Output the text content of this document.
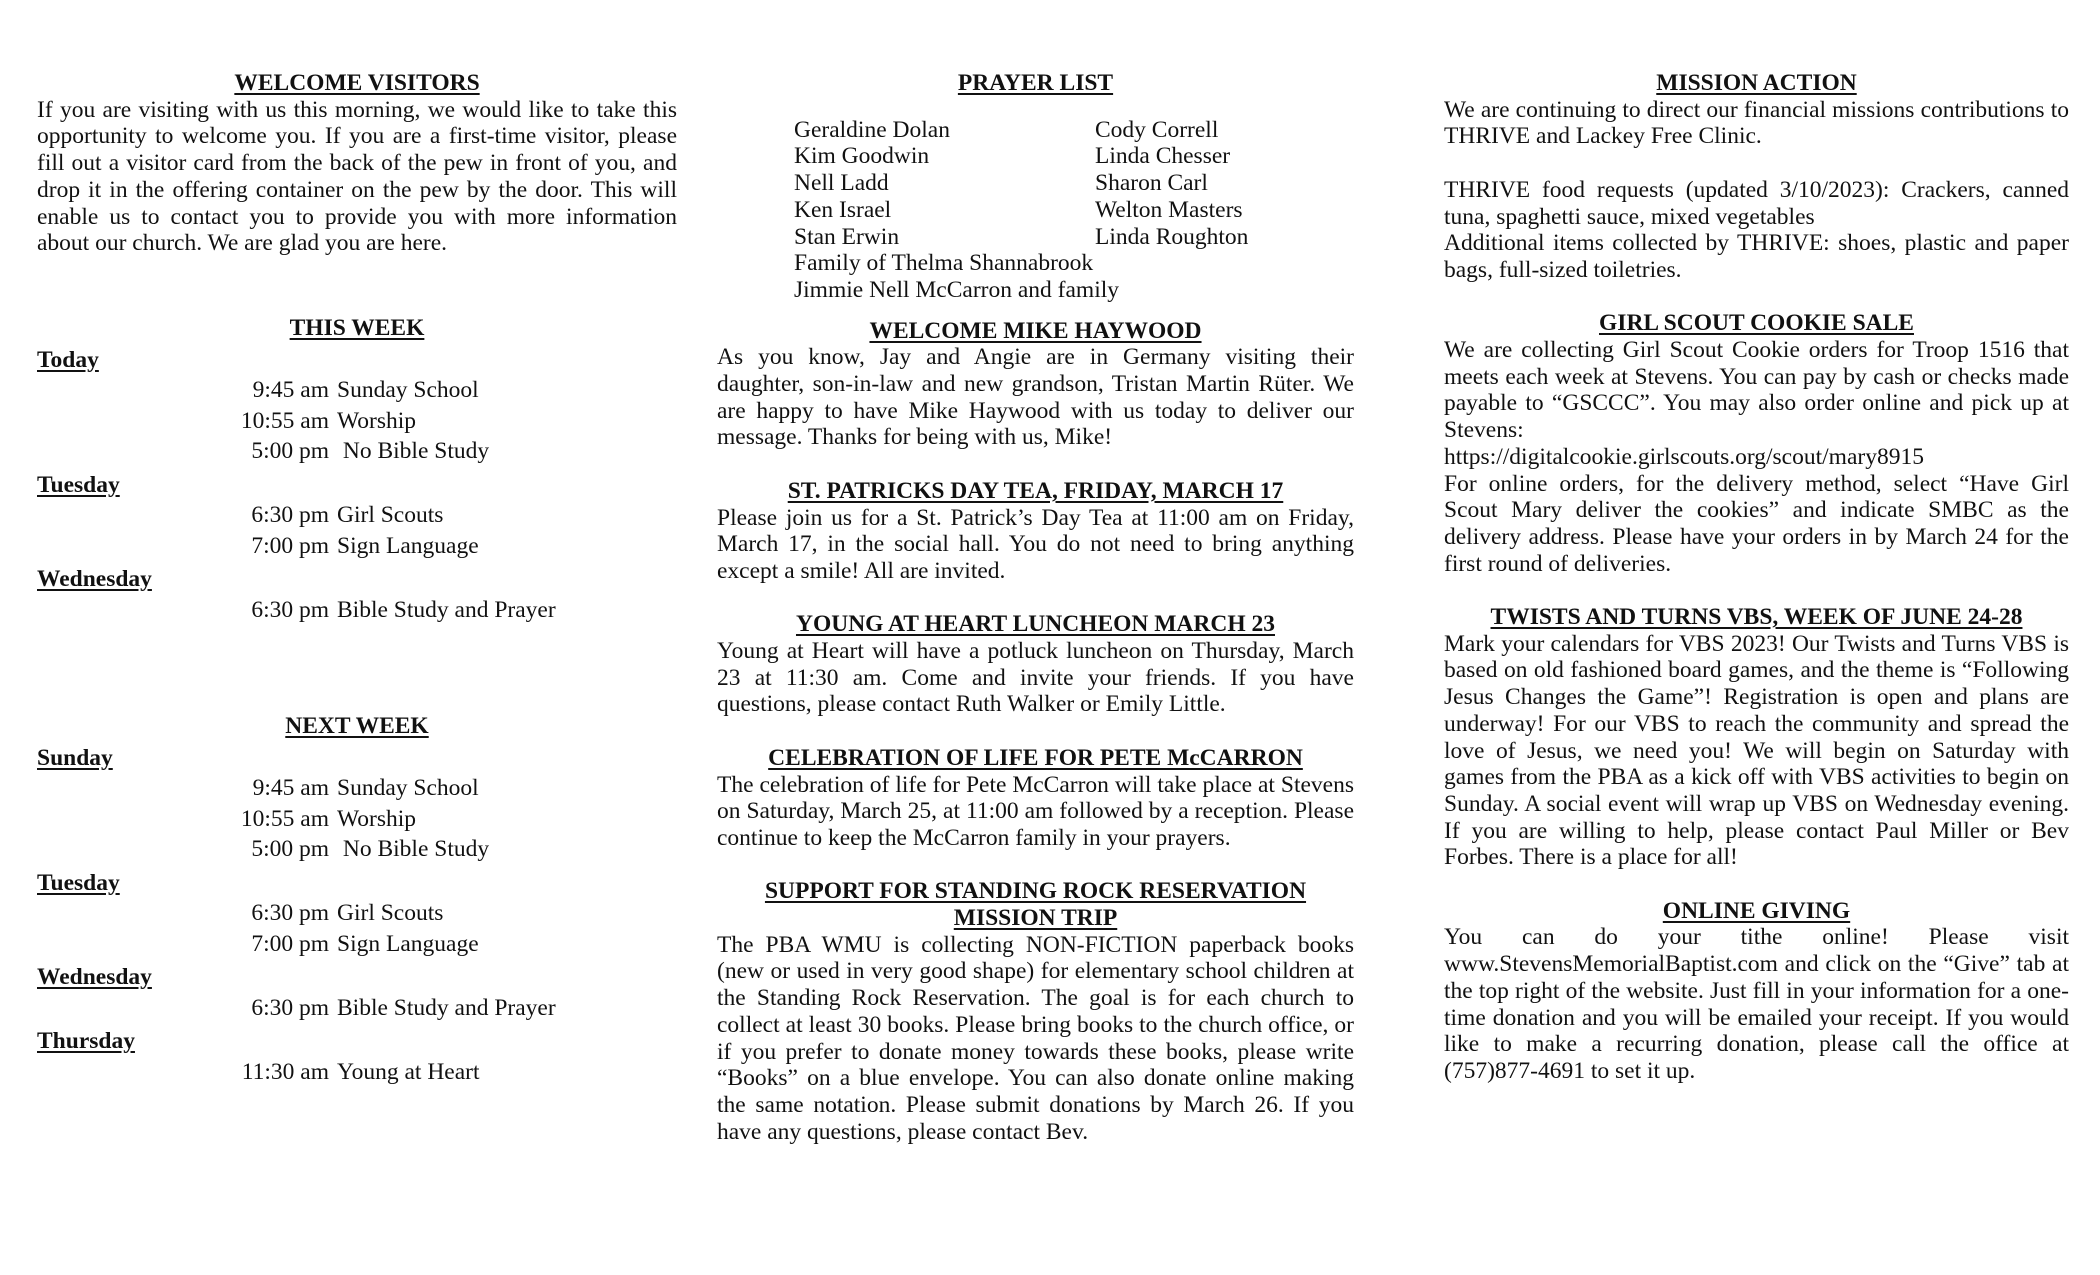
WELCOME VISITORS

If you are visiting with us this morning, we would like to take this opportunity to welcome you. If you are a first-time visitor, please fill out a visitor card from the back of the pew in front of you, and drop it in the offering container on the pew by the door. This will enable us to contact you to provide you with more information about our church. We are glad you are here.

THIS WEEK

Today
9:45 am Sunday School
10:55 am Worship
5:00 pm No Bible Study
Tuesday
6:30 pm Girl Scouts
7:00 pm Sign Language
Wednesday
6:30 pm Bible Study and Prayer

NEXT WEEK

Sunday
9:45 am Sunday School
10:55 am Worship
5:00 pm No Bible Study
Tuesday
6:30 pm Girl Scouts
7:00 pm Sign Language
Wednesday
6:30 pm Bible Study and Prayer
Thursday
11:30 am Young at Heart

PRAYER LIST

Geraldine Dolan	Cody Correll
Kim Goodwin	Linda Chesser
Nell Ladd	Sharon Carl
Ken Israel	Welton Masters
Stan Erwin	Linda Roughton
Family of Thelma Shannabrook
Jimmie Nell McCarron and family

WELCOME MIKE HAYWOOD

As you know, Jay and Angie are in Germany visiting their daughter, son-in-law and new grandson, Tristan Martin Rüter. We are happy to have Mike Haywood with us today to deliver our message. Thanks for being with us, Mike!

ST. PATRICKS DAY TEA, FRIDAY, MARCH 17

Please join us for a St. Patrick’s Day Tea at 11:00 am on Friday, March 17, in the social hall. You do not need to bring anything except a smile! All are invited.

YOUNG AT HEART LUNCHEON MARCH 23

Young at Heart will have a potluck luncheon on Thursday, March 23 at 11:30 am. Come and invite your friends. If you have questions, please contact Ruth Walker or Emily Little.

CELEBRATION OF LIFE FOR PETE McCARRON

The celebration of life for Pete McCarron will take place at Stevens on Saturday, March 25, at 11:00 am followed by a reception. Please continue to keep the McCarron family in your prayers.

SUPPORT FOR STANDING ROCK RESERVATION

MISSION TRIP

The PBA WMU is collecting NON-FICTION paperback books (new or used in very good shape) for elementary school children at the Standing Rock Reservation. The goal is for each church to collect at least 30 books. Please bring books to the church office, or if you prefer to donate money towards these books, please write “Books” on a blue envelope. You can also donate online making the same notation. Please submit donations by March 26. If you have any questions, please contact Bev.

MISSION ACTION

We are continuing to direct our financial missions contributions to THRIVE and Lackey Free Clinic.

THRIVE food requests (updated 3/10/2023): Crackers, canned tuna, spaghetti sauce, mixed vegetables

Additional items collected by THRIVE: shoes, plastic and paper bags, full-sized toiletries.

GIRL SCOUT COOKIE SALE

We are collecting Girl Scout Cookie orders for Troop 1516 that meets each week at Stevens. You can pay by cash or checks made payable to “GSCCC”. You may also order online and pick up at Stevens:

https://digitalcookie.girlscouts.org/scout/mary8915

For online orders, for the delivery method, select “Have Girl Scout Mary deliver the cookies” and indicate SMBC as the delivery address. Please have your orders in by March 24 for the first round of deliveries.

TWISTS AND TURNS VBS, WEEK OF JUNE 24-28

Mark your calendars for VBS 2023! Our Twists and Turns VBS is based on old fashioned board games, and the theme is “Following Jesus Changes the Game”! Registration is open and plans are underway! For our VBS to reach the community and spread the love of Jesus, we need you! We will begin on Saturday with games from the PBA as a kick off with VBS activities to begin on Sunday. A social event will wrap up VBS on Wednesday evening. If you are willing to help, please contact Paul Miller or Bev Forbes. There is a place for all!

ONLINE GIVING

You can do your tithe online! Please visit www.StevensMemorialBaptist.com and click on the “Give” tab at the top right of the website. Just fill in your information for a one-time donation and you will be emailed your receipt. If you would like to make a recurring donation, please call the office at (757)877-4691 to set it up.
